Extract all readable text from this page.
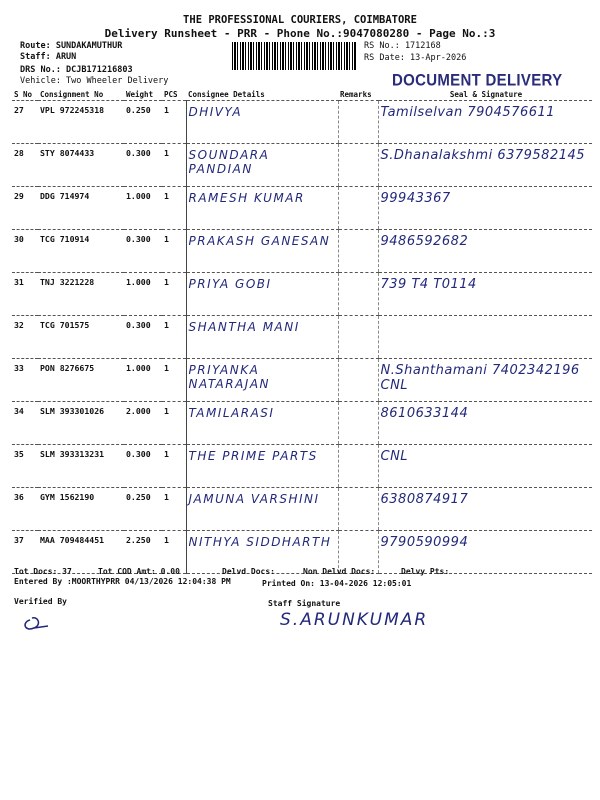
THE PROFESSIONAL COURIERS, COIMBATORE
Delivery Runsheet - PRR - Phone No.:9047080280 - Page No.:3
Route: SUNDAKAMUTHUR
Staff: ARUN
DRS No.: DCJB171216803
Vehicle: Two Wheeler Delivery
RS No.: 1712168
RS Date: 13-Apr-2026
DOCUMENT DELIVERY
S No	Consignment No	Weight	PCS	Consignee Details	Remarks	Seal & Signature
27	VPL 972245318	0.250	1	DHIVYA		Tamilselvan 7904576611
28	STY 8074433	0.300	1	SOUNDARA PANDIAN		S.Dhanalakshmi 6379582145
29	DDG 714974	1.000	1	RAMESH KUMAR		99943367
30	TCG 710914	0.300	1	PRAKASH GANESAN		9486592682
31	TNJ 3221228	1.000	1	PRIYA GOBI		739 T4 T0114
32	TCG 701575	0.300	1	SHANTHA MANI		
33	PON 8276675	1.000	1	PRIYANKA NATARAJAN		N.Shanthamani 7402342196 CNL
34	SLM 393301026	2.000	1	TAMILARASI		8610633144
35	SLM 393313231	0.300	1	THE PRIME PARTS		CNL
36	GYM 1562190	0.250	1	JAMUNA VARSHINI		6380874917
37	MAA 709484451	2.250	1	NITHYA SIDDHARTH		9790590994
Tot Docs: 37	Tot COD Amt: 0.00	Delvd Docs:	Non Delvd Docs:	Delvy Pts:
Entered By :MOORTHYPRR 04/13/2026 12:04:38 PM	Printed On: 13-04-2026 12:05:01
Verified By	Staff Signature
S.ARUNKUMAR
